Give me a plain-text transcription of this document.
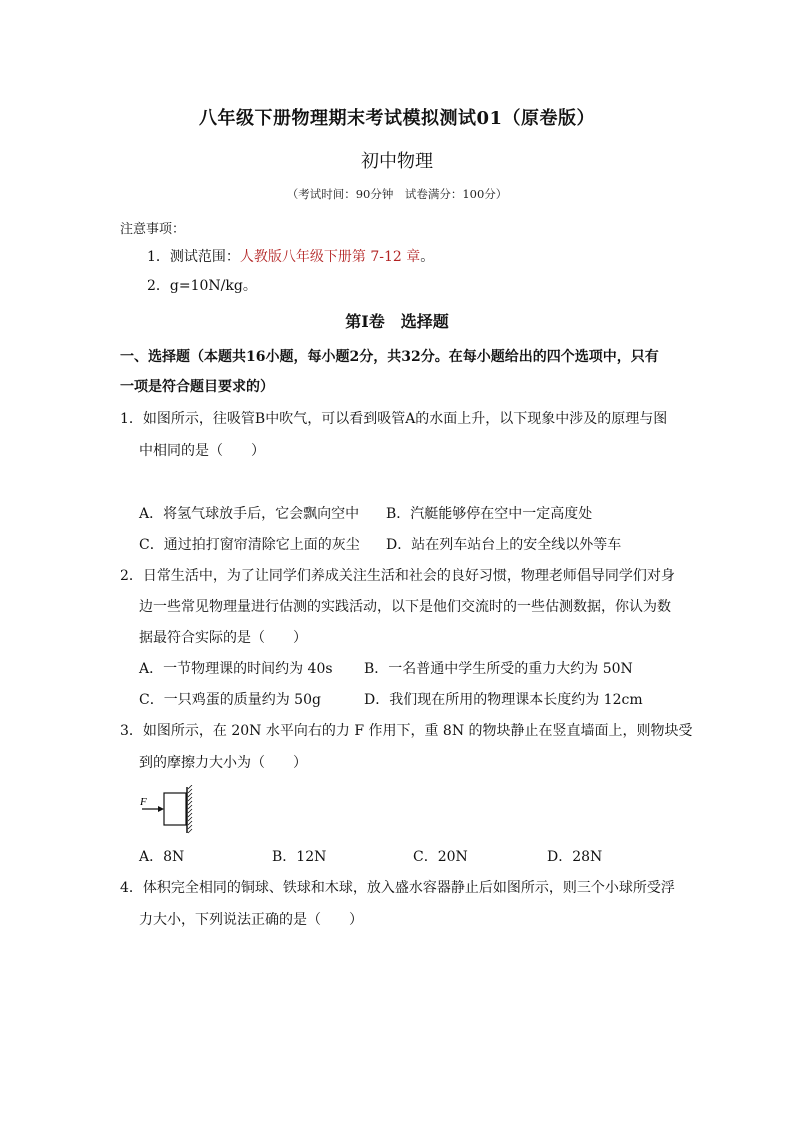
八年级下册物理期末考试模拟测试01（原卷版）
初中物理
（考试时间：90分钟　试卷满分：100分）
注意事项：
1．测试范围：人教版八年级下册第 7-12 章。
2．g=10N/kg。
第Ⅰ卷　选择题
一、选择题（本题共16小题，每小题2分，共32分。在每小题给出的四个选项中，只有
一项是符合题目要求的）
1．如图所示，往吸管B中吹气，可以看到吸管A的水面上升，以下现象中涉及的原理与图
中相同的是（　　）
A．将氢气球放手后，它会飘向空中 B．汽艇能够停在空中一定高度处
C．通过拍打窗帘清除它上面的灰尘 D．站在列车站台上的安全线以外等车
2．日常生活中，为了让同学们养成关注生活和社会的良好习惯，物理老师倡导同学们对身
边一些常见物理量进行估测的实践活动，以下是他们交流时的一些估测数据，你认为数
据最符合实际的是（　　）
A．一节物理课的时间约为 40s B．一名普通中学生所受的重力大约为 50N
C．一只鸡蛋的质量约为 50g	D．我们现在所用的物理课本长度约为 12cm
3．如图所示，在 20N 水平向右的力 F 作用下，重 8N 的物块静止在竖直墙面上，则物块受
到的摩擦力大小为（　　）
F
A．8N	B．12N	C．20N	D．28N
4．体积完全相同的铜球、铁球和木球，放入盛水容器静止后如图所示，则三个小球所受浮
力大小，下列说法正确的是（　　）
